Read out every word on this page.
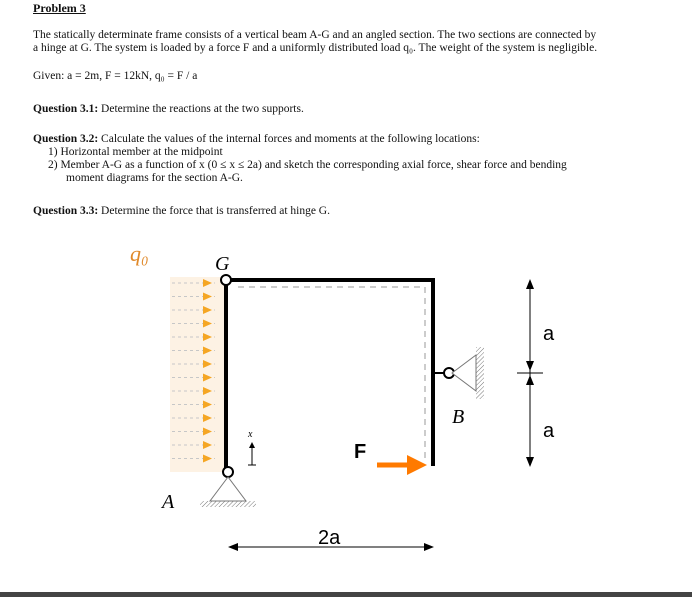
Problem 3
The statically determinate frame consists of a vertical beam A-G and an angled section. The two sections are connected by
a hinge at G. The system is loaded by a force F and a uniformly distributed load q₀. The weight of the system is negligible.
Given: a = 2m, F = 12kN, q₀ = F / a
Question 3.1: Determine the reactions at the two supports.
Question 3.2: Calculate the values of the internal forces and moments at the following locations:
1) Horizontal member at the midpoint
2) Member A-G as a function of x (0 ≤ x ≤ 2a) and sketch the corresponding axial force, shear force and bending
moment diagrams for the section A-G.
Question 3.3: Determine the force that is transferred at hinge G.
q₀	G
A
x
B
F
2a
a
a
